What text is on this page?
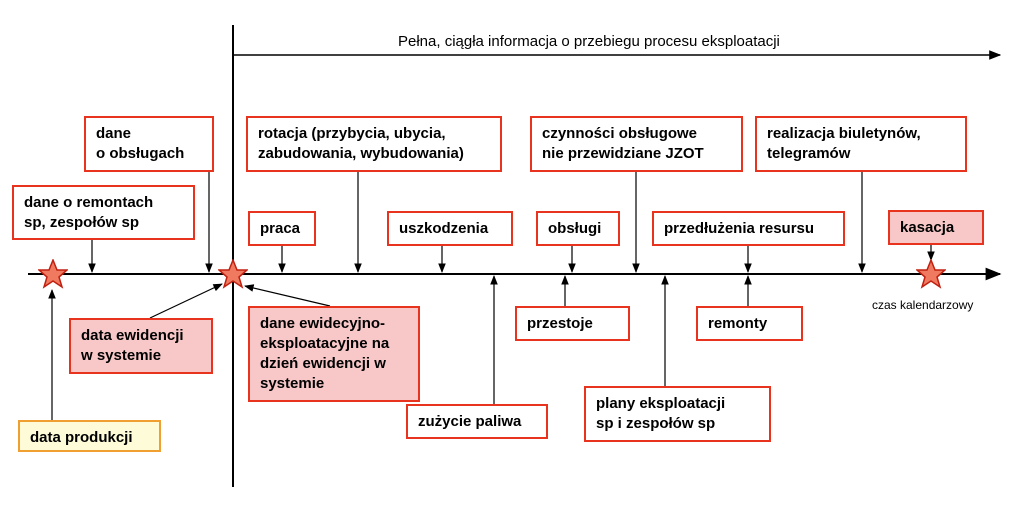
Pełna, ciągła informacja o przebiegu procesu eksploatacji
dane
o obsługach
dane o remontach
sp, zespołów sp
rotacja (przybycia, ubycia,
zabudowania, wybudowania)
czynności obsługowe
nie przewidziane JZOT
realizacja biuletynów,
telegramów
praca	uszkodzenia	obsługi	przedłużenia resursu	kasacja
czas kalendarzowy
data ewidencji
w systemie
data produkcji
dane ewidecyjno-
eksploatacyjne na
dzień ewidencji w
systemie
przestoje	remonty
zużycie paliwa
plany eksploatacji
sp i zespołów sp
